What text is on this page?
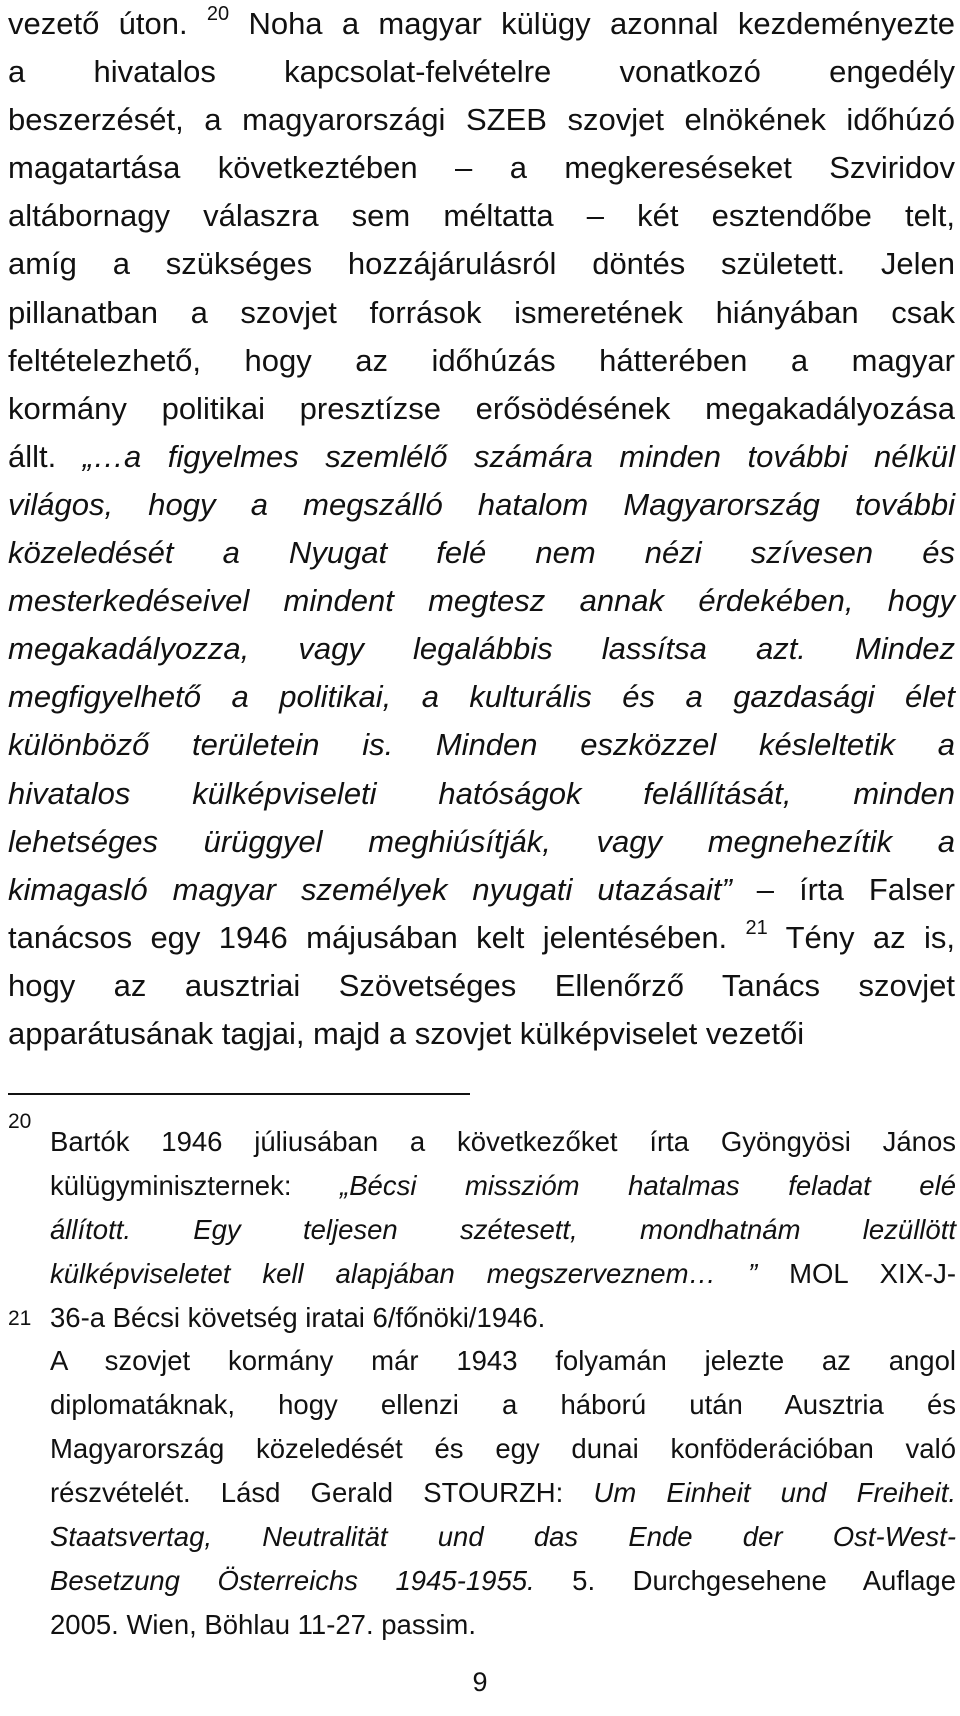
vezető úton. $^{20}$ Noha a magyar külügy azonnal kezdeményezte

a hivatalos kapcsolat-felvételre vonatkozó engedély

beszerzését, a magyarországi SZEB szovjet elnökének időhúzó

magatartása következtében – a megkereséseket Szviridov

altábornagy válaszra sem méltatta – két esztendőbe telt,

amíg a szükséges hozzájárulásról döntés született. Jelen

pillanatban a szovjet források ismeretének hiányában csak

feltételezhető, hogy az időhúzás hátterében a magyar

kormány politikai presztízse erősödésének megakadályozása

állt. „…a figyelmes szemlélő számára minden további nélkül

világos, hogy a megszálló hatalom Magyarország további

közeledését a Nyugat felé nem nézi szívesen és

mesterkedéseivel mindent megtesz annak érdekében, hogy

megakadályozza, vagy legalábbis lassítsa azt. Mindez

megfigyelhető a politikai, a kulturális és a gazdasági élet

különböző területein is. Minden eszközzel késleltetik a

hivatalos külképviseleti hatóságok felállítását, minden

lehetséges ürüggyel meghiúsítják, vagy megnehezítik a

kimagasló magyar személyek nyugati utazásait” – írta Falser

tanácsos egy 1946 májusában kelt jelentésében. $^{21}$ Tény az is,

hogy az ausztriai Szövetséges Ellenőrző Tanács szovjet

apparátusának tagjai, majd a szovjet külképviselet vezetői

20
21

Bartók 1946 júliusában a következőket írta Gyöngyösi János

külügyminiszternek: „Bécsi misszióm hatalmas feladat elé

állított. Egy teljesen szétesett, mondhatnám lezüllött

külképviseletet kell alapjában megszerveznem… ” MOL XIX-J-

36-a Bécsi követség iratai 6/főnöki/1946.

A szovjet kormány már 1943 folyamán jelezte az angol

diplomatáknak, hogy ellenzi a háború után Ausztria és

Magyarország közeledését és egy dunai konföderációban való

részvételét. Lásd Gerald STOURZH: Um Einheit und Freiheit.

Staatsvertag, Neutralität und das Ende der Ost-West-

Besetzung Österreichs 1945-1955. 5. Durchgesehene Auflage

2005. Wien, Böhlau 11-27. passim.

9
